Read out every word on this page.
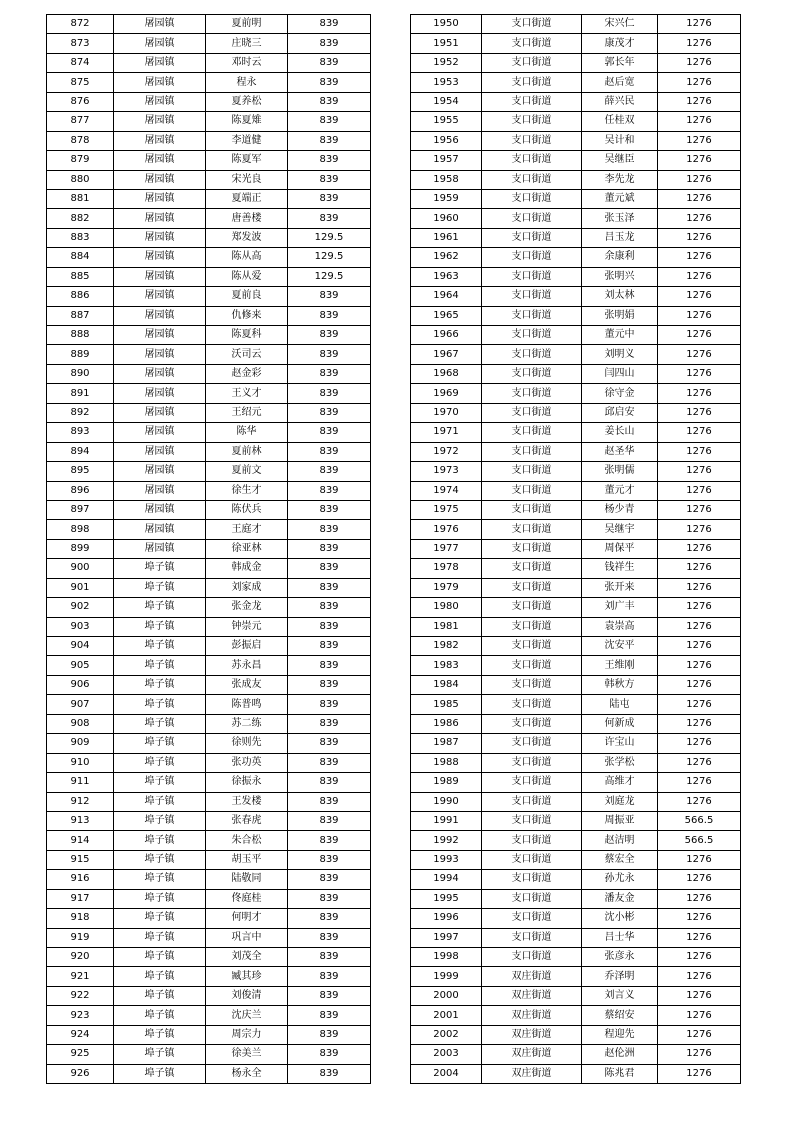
872	屠园镇	夏前明	839
873	屠园镇	庄晓三	839
874	屠园镇	邓时云	839
875	屠园镇	程永	839
876	屠园镇	夏养松	839
877	屠园镇	陈夏雉	839
878	屠园镇	李道健	839
879	屠园镇	陈夏军	839
880	屠园镇	宋光良	839
881	屠园镇	夏端正	839
882	屠园镇	唐善楼	839
883	屠园镇	郑发波	129.5
884	屠园镇	陈从高	129.5
885	屠园镇	陈从爱	129.5
886	屠园镇	夏前良	839
887	屠园镇	仇修来	839
888	屠园镇	陈夏科	839
889	屠园镇	沃司云	839
890	屠园镇	赵金彩	839
891	屠园镇	王义才	839
892	屠园镇	王绍元	839
893	屠园镇	陈华	839
894	屠园镇	夏前林	839
895	屠园镇	夏前文	839
896	屠园镇	徐生才	839
897	屠园镇	陈伏兵	839
898	屠园镇	王庭才	839
899	屠园镇	徐亚林	839
900	埠子镇	韩成金	839
901	埠子镇	刘家成	839
902	埠子镇	张金龙	839
903	埠子镇	钟崇元	839
904	埠子镇	彭振启	839
905	埠子镇	苏永昌	839
906	埠子镇	张成友	839
907	埠子镇	陈普鸣	839
908	埠子镇	苏二练	839
909	埠子镇	徐则先	839
910	埠子镇	张功英	839
911	埠子镇	徐振永	839
912	埠子镇	王发楼	839
913	埠子镇	张春虎	839
914	埠子镇	朱合松	839
915	埠子镇	胡玉平	839
916	埠子镇	陆敬同	839
917	埠子镇	佟庭桂	839
918	埠子镇	何明才	839
919	埠子镇	巩言中	839
920	埠子镇	刘茂全	839
921	埠子镇	臧其珍	839
922	埠子镇	刘俊清	839
923	埠子镇	沈庆兰	839
924	埠子镇	周宗力	839
925	埠子镇	徐美兰	839
926	埠子镇	杨永全	839
1950	支口街道	宋兴仁	1276
1951	支口街道	康茂才	1276
1952	支口街道	郭长年	1276
1953	支口街道	赵后宽	1276
1954	支口街道	薛兴民	1276
1955	支口街道	任桂双	1276
1956	支口街道	吴计和	1276
1957	支口街道	吴继臣	1276
1958	支口街道	李先龙	1276
1959	支口街道	董元斌	1276
1960	支口街道	张玉泽	1276
1961	支口街道	吕玉龙	1276
1962	支口街道	余康利	1276
1963	支口街道	张明兴	1276
1964	支口街道	刘太林	1276
1965	支口街道	张明娟	1276
1966	支口街道	董元中	1276
1967	支口街道	刘明义	1276
1968	支口街道	闫四山	1276
1969	支口街道	徐守金	1276
1970	支口街道	邱启安	1276
1971	支口街道	姜长山	1276
1972	支口街道	赵圣华	1276
1973	支口街道	张明儒	1276
1974	支口街道	董元才	1276
1975	支口街道	杨少青	1276
1976	支口街道	吴继宇	1276
1977	支口街道	周保平	1276
1978	支口街道	钱祥生	1276
1979	支口街道	张开来	1276
1980	支口街道	刘广丰	1276
1981	支口街道	袁崇高	1276
1982	支口街道	沈安平	1276
1983	支口街道	王维刚	1276
1984	支口街道	韩秋方	1276
1985	支口街道	陆屯	1276
1986	支口街道	何新成	1276
1987	支口街道	许宝山	1276
1988	支口街道	张学松	1276
1989	支口街道	高维才	1276
1990	支口街道	刘庭龙	1276
1991	支口街道	周振亚	566.5
1992	支口街道	赵洁明	566.5
1993	支口街道	蔡宏全	1276
1994	支口街道	孙尤永	1276
1995	支口街道	潘友金	1276
1996	支口街道	沈小彬	1276
1997	支口街道	吕士华	1276
1998	支口街道	张彦永	1276
1999	双庄街道	乔泽明	1276
2000	双庄街道	刘言义	1276
2001	双庄街道	蔡绍安	1276
2002	双庄街道	程迎先	1276
2003	双庄街道	赵伦洲	1276
2004	双庄街道	陈兆君	1276
